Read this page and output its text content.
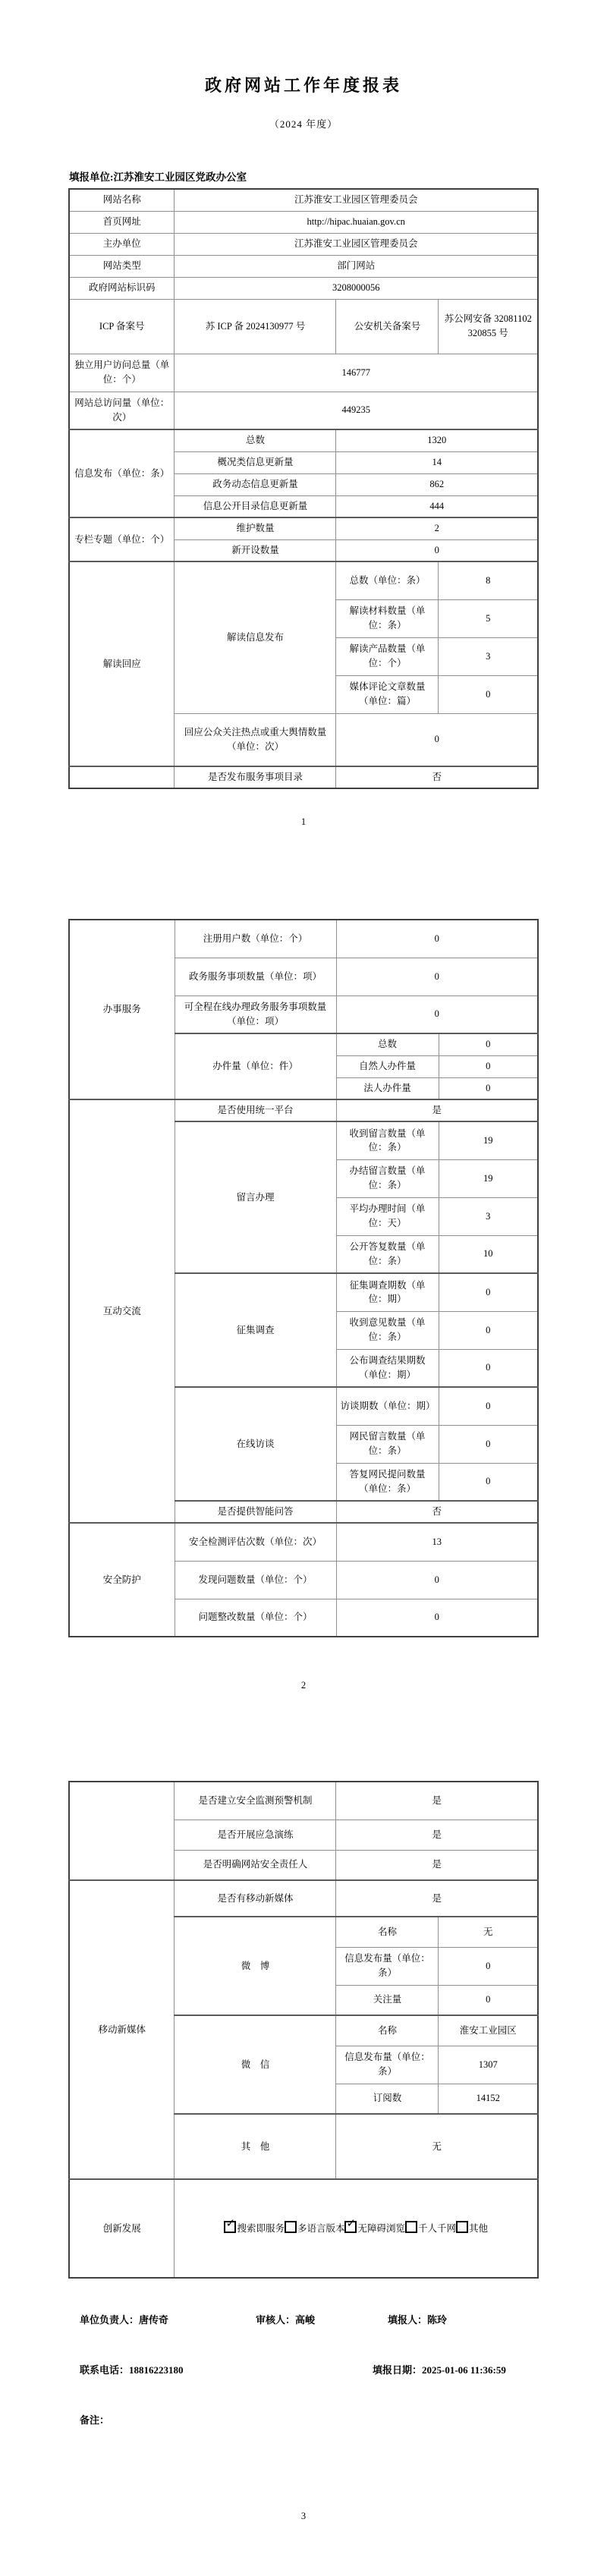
政府网站工作年度报表
（2024 年度）
填报单位:江苏淮安工业园区党政办公室
网站名称	江苏淮安工业园区管理委员会		
首页网址	http://hipac.huaian.gov.cn		
主办单位	江苏淮安工业园区管理委员会		
网站类型	部门网站		
政府网站标识码	3208000056		
ICP 备案号	苏 ICP 备 2024130977 号	公安机关备案号	苏公网安备 32081102320855 号
独立用户访问总量（单位：个）	146777		
网站总访问量（单位：次）	449235		
信息发布（单位：条）	总数	1320	
	概况类信息更新量	14	
	政务动态信息更新量	862	
	信息公开目录信息更新量	444	
专栏专题（单位：个）	维护数量	2	
	新开设数量	0	
解读回应	解读信息发布	总数（单位：条）	8
		解读材料数量（单位：条）	5
		解读产品数量（单位：个）	3
		媒体评论文章数量（单位：篇）	0
	回应公众关注热点或重大舆情数量（单位：次）	0	
	是否发布服务事项目录	否	
1
办事服务	注册用户数（单位：个）	0	
	政务服务事项数量（单位：项）	0	
	可全程在线办理政务服务事项数量（单位：项）	0	
	办件量（单位：件）	总数	0
		自然人办件量	0
		法人办件量	0
互动交流	是否使用统一平台	是	
	留言办理	收到留言数量（单位：条）	19
		办结留言数量（单位：条）	19
		平均办理时间（单位：天）	3
		公开答复数量（单位：条）	10
	征集调查	征集调查期数（单位：期）	0
		收到意见数量（单位：条）	0
		公布调查结果期数（单位：期）	0
	在线访谈	访谈期数（单位：期）	0
		网民留言数量（单位：条）	0
		答复网民提问数量（单位：条）	0
	是否提供智能问答	否	
安全防护	安全检测评估次数（单位：次）	13	
	发现问题数量（单位：个）	0	
	问题整改数量（单位：个）	0	
2
	是否建立安全监测预警机制	是	
	是否开展应急演练	是	
	是否明确网站安全责任人	是	
移动新媒体	是否有移动新媒体	是	
	微　博	名称	无
		信息发布量（单位：条）	0
		关注量	0
	微　信	名称	淮安工业园区
		信息发布量（单位：条）	1307
		订阅数	14152
	其　他	无	
创新发展	✓ 搜索即服务 多语言版本 ✓ 无障碍浏览 千人千网 其他
单位负责人：唐传奇	审核人：高峻	填报人：陈玲
联系电话：18816223180	填报日期：2025-01-06 11:36:59
备注：
3
